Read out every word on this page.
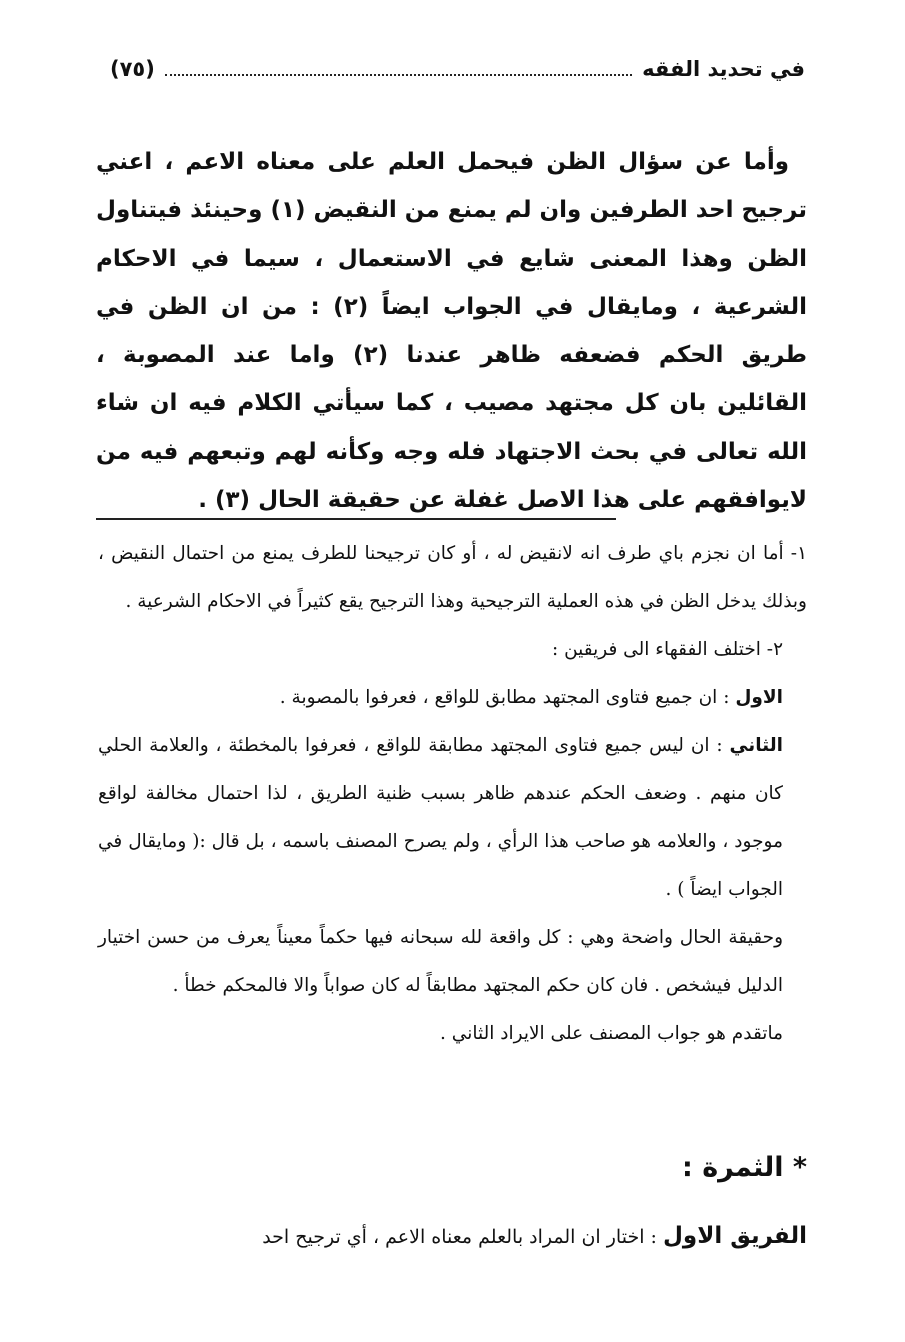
في تحديد الفقه
(٧٥)

وأما عن سؤال الظن فيحمل العلم على معناه الاعم ، اعني ترجيح احد الطرفين وان لم يمنع من النقيض (١) وحينئذ فيتناول الظن وهذا المعنى شايع في الاستعمال ، سيما في الاحكام الشرعية ، ومايقال في الجواب ايضاً (٢) : من ان الظن في طريق الحكم فضعفه ظاهر عندنا (٢) واما عند المصوبة ، القائلين بان كل مجتهد مصيب ، كما سيأتي الكلام فيه ان شاء الله تعالى في بحث الاجتهاد فله وجه وكأنه لهم وتبعهم فيه من لايوافقهم على هذا الاصل غفلة عن حقيقة الحال (٣) .

١- أما ان نجزم باي طرف انه لانقيض له ، أو كان ترجيحنا للطرف يمنع من احتمال النقيض ، وبذلك يدخل الظن في هذه العملية الترجيحية وهذا الترجيح يقع كثيراً في الاحكام الشرعية .

٢- اختلف الفقهاء الى فريقين :

الاول : ان جميع فتاوى المجتهد مطابق للواقع ، فعرفوا بالمصوبة .

الثاني : ان ليس جميع فتاوى المجتهد مطابقة للواقع ، فعرفوا بالمخطئة ، والعلامة الحلي كان منهم . وضعف الحكم عندهم ظاهر بسبب ظنية الطريق ، لذا احتمال مخالفة لواقع موجود ، والعلامه هو صاحب هذا الرأي ، ولم يصرح المصنف باسمه ، بل قال :( ومايقال في الجواب ايضاً ) .

وحقيقة الحال واضحة وهي : كل واقعة لله سبحانه فيها حكماً معيناً يعرف من حسن اختيار الدليل فيشخص . فان كان حكم المجتهد مطابقاً له كان صواباً والا فالمحكم خطأ .

ماتقدم هو جواب المصنف على الايراد الثاني .

* الثمرة :
الفريق الاول : اختار ان المراد بالعلم معناه الاعم ، أي ترجيح احد
